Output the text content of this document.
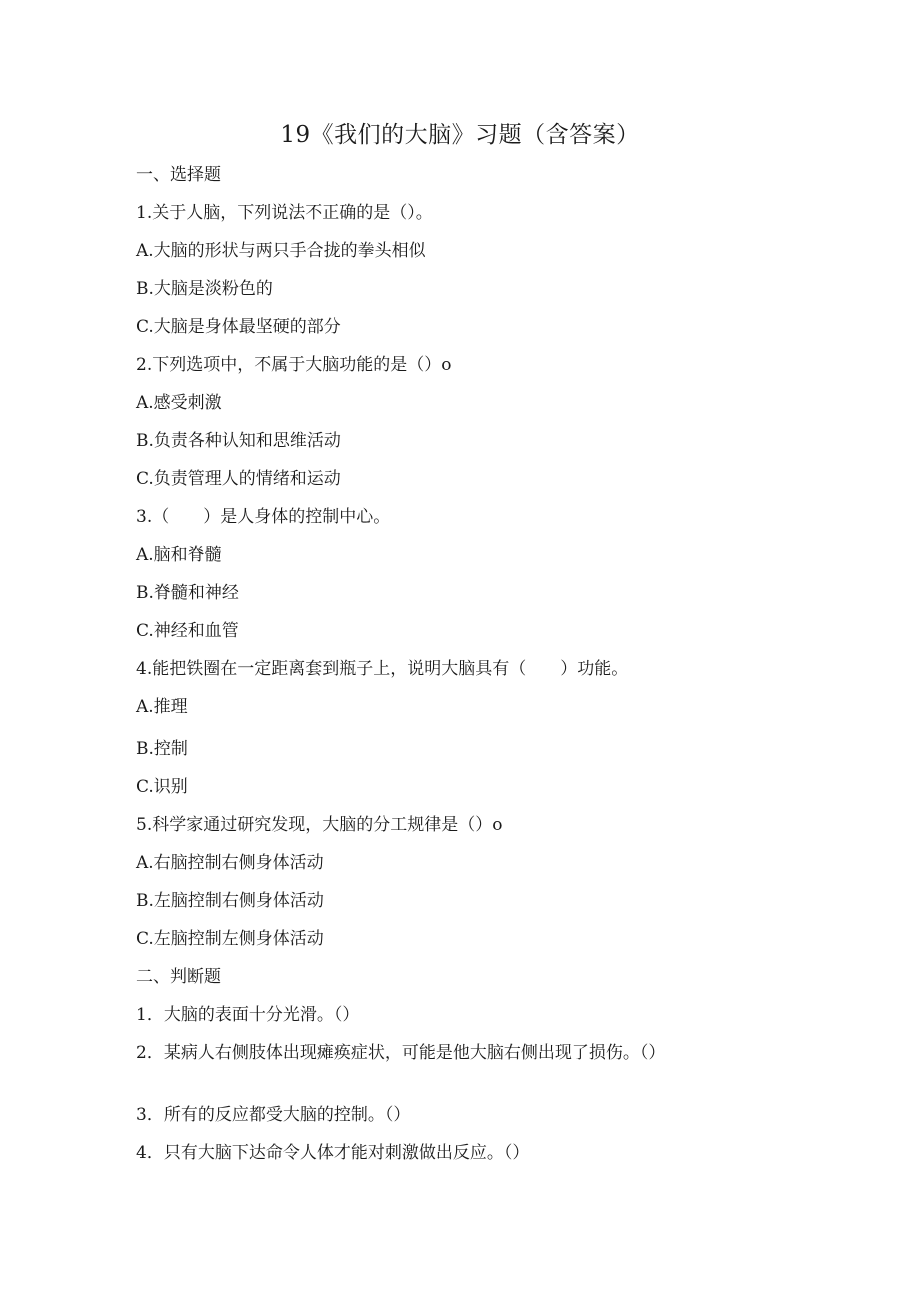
19《我们的大脑》习题（含答案）
一、选择题
1.关于人脑，下列说法不正确的是（）。
A.大脑的形状与两只手合拢的拳头相似
B.大脑是淡粉色的
C.大脑是身体最坚硬的部分
2.下列选项中，不属于大脑功能的是（）o
A.感受刺激
B.负责各种认知和思维活动
C.负责管理人的情绪和运动
3.（　　）是人身体的控制中心。
A.脑和脊髓
B.脊髓和神经
C.神经和血管
4.能把铁圈在一定距离套到瓶子上，说明大脑具有（　　）功能。
A.推理
B.控制
C.识别
5.科学家通过研究发现，大脑的分工规律是（）o
A.右脑控制右侧身体活动
B.左脑控制右侧身体活动
C.左脑控制左侧身体活动
二、判断题
1．大脑的表面十分光滑。（）
2．某病人右侧肢体出现瘫痪症状，可能是他大脑右侧出现了损伤。（）
3．所有的反应都受大脑的控制。（）
4．只有大脑下达命令人体才能对刺激做出反应。（）
